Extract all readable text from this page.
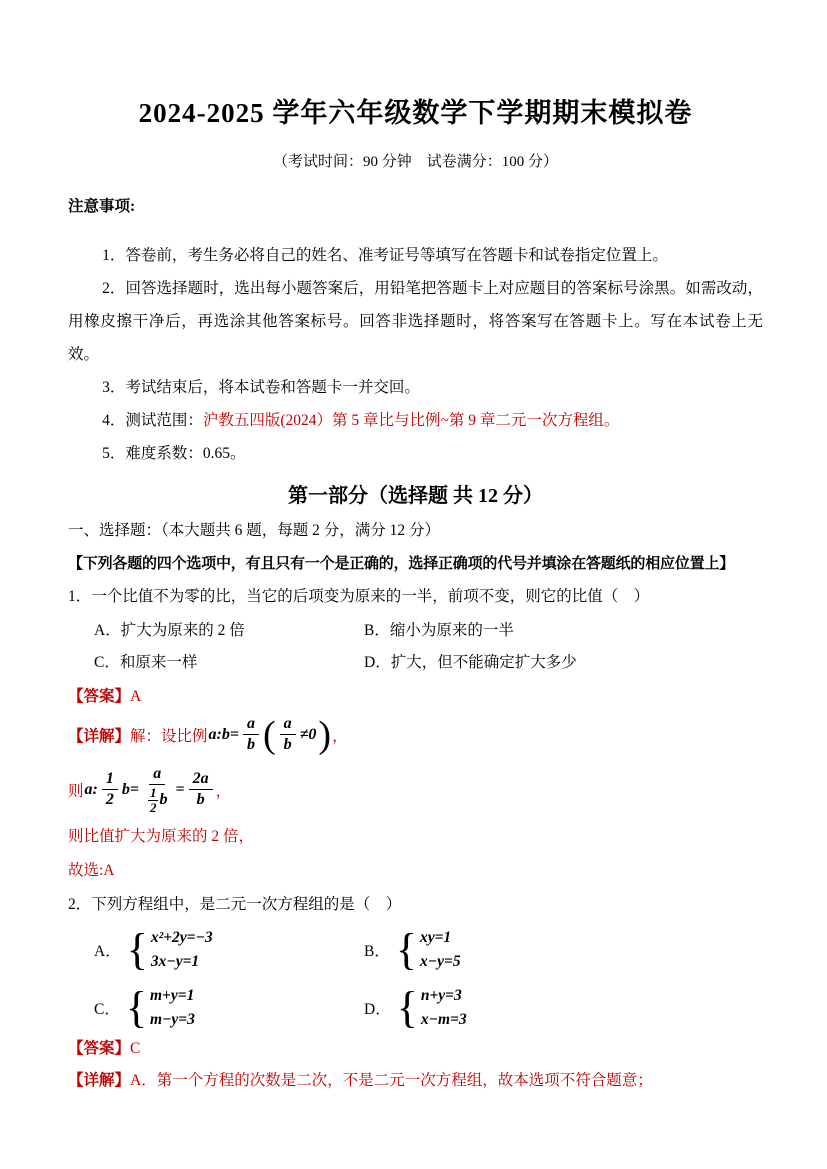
2024-2025 学年六年级数学下学期期末模拟卷
（考试时间：90 分钟　试卷满分：100 分）

注意事项:

1．答卷前，考生务必将自己的姓名、准考证号等填写在答题卡和试卷指定位置上。

2．回答选择题时，选出每小题答案后，用铅笔把答题卡上对应题目的答案标号涂黑。如需改动，用橡皮擦干净后，再选涂其他答案标号。回答非选择题时，将答案写在答题卡上。写在本试卷上无效。

3．考试结束后，将本试卷和答题卡一并交回。

4．测试范围：沪教五四版(2024）第 5 章比与比例~第 9 章二元一次方程组。

5．难度系数：0.65。

第一部分（选择题 共 12 分）

一、选择题：（本大题共 6 题，每题 2 分，满分 12 分）

【下列各题的四个选项中，有且只有一个是正确的，选择正确项的代号并填涂在答题纸的相应位置上】

1．一个比值不为零的比，当它的后项变为原来的一半，前项不变，则它的比值（　）

A．扩大为原来的 2 倍	B．缩小为原来的一半
C．和原来一样	D．扩大，但不能确定扩大多少

【答案】A

【详解】 解：设比例 a:b= $\frac{a}{b}$ ( $\frac{a}{b} \ne 0$ ) ，
则 a: $\frac{1}{2} b= \frac{a}{\frac{1}{2} b} = \frac{2a}{b}$ ，

则比值扩大为原来的 2 倍，

故选:A

2．下列方程组中，是二元一次方程组的是（　）

A． { x²+2y=−3
3x−y=1
B． { xy=1
x−y=5
C． { m+y=1
m−y=3
D． { n+y=3
x−m=3

【答案】C

【详解】A．第一个方程的次数是二次，不是二元一次方程组，故本选项不符合题意；
